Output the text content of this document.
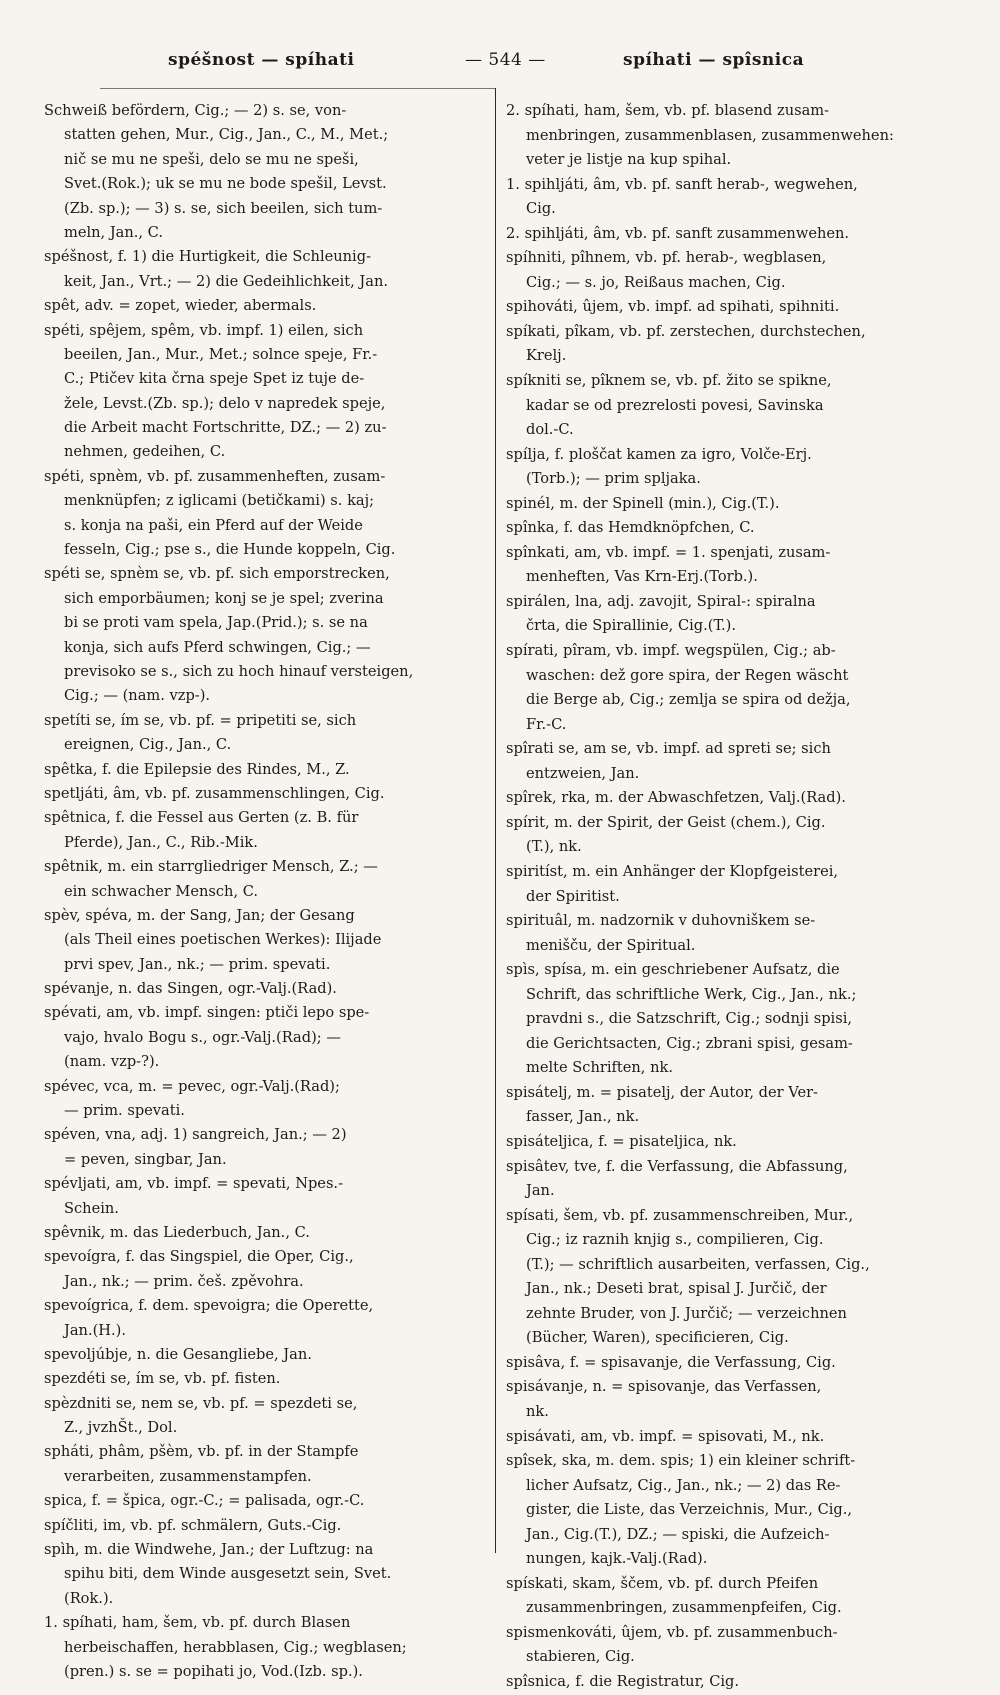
spéšnost — spíhati	— 544 —	spíhati — spîsnica
Schweiß befördern, Cig.; — 2) s. se, von-
statten gehen, Mur., Cig., Jan., C., M., Met.;
nič se mu ne speši, delo se mu ne speši,
Svet.(Rok.); uk se mu ne bode spešil, Levst.
(Zb. sp.); — 3) s. se, sich beeilen, sich tum-
meln, Jan., C.
spéšnost, f. 1) die Hurtigkeit, die Schleunig-
keit, Jan., Vrt.; — 2) die Gedeihlichkeit, Jan.
spêt, adv. = zopet, wieder, abermals.
spéti, spêjem, spêm, vb. impf. 1) eilen, sich
beeilen, Jan., Mur., Met.; solnce speje, Fr.-
C.; Ptičev kita črna speje Spet iz tuje de-
žele, Levst.(Zb. sp.); delo v napredek speje,
die Arbeit macht Fortschritte, DZ.; — 2) zu-
nehmen, gedeihen, C.
spéti, spnèm, vb. pf. zusammenheften, zusam-
menknüpfen; z iglicami (betičkami) s. kaj;
s. konja na paši, ein Pferd auf der Weide
fesseln, Cig.; pse s., die Hunde koppeln, Cig.
spéti se, spnèm se, vb. pf. sich emporstrecken,
sich emporbäumen; konj se je spel; zverina
bi se proti vam spela, Jap.(Prid.); s. se na
konja, sich aufs Pferd schwingen, Cig.; —
previsoko se s., sich zu hoch hinauf versteigen,
Cig.; — (nam. vzp-).
spetíti se, ím se, vb. pf. = pripetiti se, sich
ereignen, Cig., Jan., C.
spêtka, f. die Epilepsie des Rindes, M., Z.
spetljáti, âm, vb. pf. zusammenschlingen, Cig.
spêtnica, f. die Fessel aus Gerten (z. B. für
Pferde), Jan., C., Rib.-Mik.
spêtnik, m. ein starrgliedriger Mensch, Z.; —
ein schwacher Mensch, C.
spèv, spéva, m. der Sang, Jan; der Gesang
(als Theil eines poetischen Werkes): Ilijade
prvi spev, Jan., nk.; — prim. spevati.
spévanje, n. das Singen, ogr.-Valj.(Rad).
spévati, am, vb. impf. singen: ptiči lepo spe-
vajo, hvalo Bogu s., ogr.-Valj.(Rad); —
(nam. vzp-?).
spévec, vca, m. = pevec, ogr.-Valj.(Rad);
— prim. spevati.
spéven, vna, adj. 1) sangreich, Jan.; — 2)
= peven, singbar, Jan.
spévljati, am, vb. impf. = spevati, Npes.-
Schein.
spêvnik, m. das Liederbuch, Jan., C.
spevoígra, f. das Singspiel, die Oper, Cig.,
Jan., nk.; — prim. češ. zpěvohra.
spevoígrica, f. dem. spevoigra; die Operette,
Jan.(H.).
spevoljúbje, n. die Gesangliebe, Jan.
spezdéti se, ím se, vb. pf. fisten.
spèzdniti se, nem se, vb. pf. = spezdeti se,
Z., jvzhŠt., Dol.
spháti, phâm, pšèm, vb. pf. in der Stampfe
verarbeiten, zusammenstampfen.
spica, f. = špica, ogr.-C.; = palisada, ogr.-C.
spíčliti, im, vb. pf. schmälern, Guts.-Cig.
spìh, m. die Windwehe, Jan.; der Luftzug: na
spihu biti, dem Winde ausgesetzt sein, Svet.
(Rok.).
1. spíhati, ham, šem, vb. pf. durch Blasen
herbeischaffen, herabblasen, Cig.; wegblasen;
(pren.) s. se = popihati jo, Vod.(Izb. sp.).
2. spíhati, ham, šem, vb. pf. blasend zusam-
menbringen, zusammenblasen, zusammenwehen:
veter je listje na kup spihal.
1. spihljáti, âm, vb. pf. sanft herab-, wegwehen,
Cig.
2. spihljáti, âm, vb. pf. sanft zusammenwehen.
spíhniti, pîhnem, vb. pf. herab-, wegblasen,
Cig.; — s. jo, Reißaus machen, Cig.
spihováti, ûjem, vb. impf. ad spihati, spihniti.
spíkati, pîkam, vb. pf. zerstechen, durchstechen,
Krelj.
spíkniti se, pîknem se, vb. pf. žito se spikne,
kadar se od prezrelosti povesi, Savinska
dol.-C.
spílja, f. ploščat kamen za igro, Volče-Erj.
(Torb.); — prim spljaka.
spinél, m. der Spinell (min.), Cig.(T.).
spînka, f. das Hemdknöpfchen, C.
spînkati, am, vb. impf. = 1. spenjati, zusam-
menheften, Vas Krn-Erj.(Torb.).
spirálen, lna, adj. zavojit, Spiral-: spiralna
črta, die Spirallinie, Cig.(T.).
spírati, pîram, vb. impf. wegspülen, Cig.; ab-
waschen: dež gore spira, der Regen wäscht
die Berge ab, Cig.; zemlja se spira od dežja,
Fr.-C.
spîrati se, am se, vb. impf. ad spreti se; sich
entzweien, Jan.
spîrek, rka, m. der Abwaschfetzen, Valj.(Rad).
spírit, m. der Spirit, der Geist (chem.), Cig.
(T.), nk.
spiritíst, m. ein Anhänger der Klopfgeisterei,
der Spiritist.
spirituâl, m. nadzornik v duhovniškem se-
menišču, der Spiritual.
spìs, spísa, m. ein geschriebener Aufsatz, die
Schrift, das schriftliche Werk, Cig., Jan., nk.;
pravdni s., die Satzschrift, Cig.; sodnji spisi,
die Gerichtsacten, Cig.; zbrani spisi, gesam-
melte Schriften, nk.
spisátelj, m. = pisatelj, der Autor, der Ver-
fasser, Jan., nk.
spisáteljica, f. = pisateljica, nk.
spisâtev, tve, f. die Verfassung, die Abfassung,
Jan.
spísati, šem, vb. pf. zusammenschreiben, Mur.,
Cig.; iz raznih knjig s., compilieren, Cig.
(T.); — schriftlich ausarbeiten, verfassen, Cig.,
Jan., nk.; Deseti brat, spisal J. Jurčič, der
zehnte Bruder, von J. Jurčič; — verzeichnen
(Bücher, Waren), specificieren, Cig.
spisâva, f. = spisavanje, die Verfassung, Cig.
spisávanje, n. = spisovanje, das Verfassen,
nk.
spisávati, am, vb. impf. = spisovati, M., nk.
spîsek, ska, m. dem. spis; 1) ein kleiner schrift-
licher Aufsatz, Cig., Jan., nk.; — 2) das Re-
gister, die Liste, das Verzeichnis, Mur., Cig.,
Jan., Cig.(T.), DZ.; — spiski, die Aufzeich-
nungen, kajk.-Valj.(Rad).
spískati, skam, ščem, vb. pf. durch Pfeifen
zusammenbringen, zusammenpfeifen, Cig.
spismenkováti, ûjem, vb. pf. zusammenbuch-
stabieren, Cig.
spîsnica, f. die Registratur, Cig.
